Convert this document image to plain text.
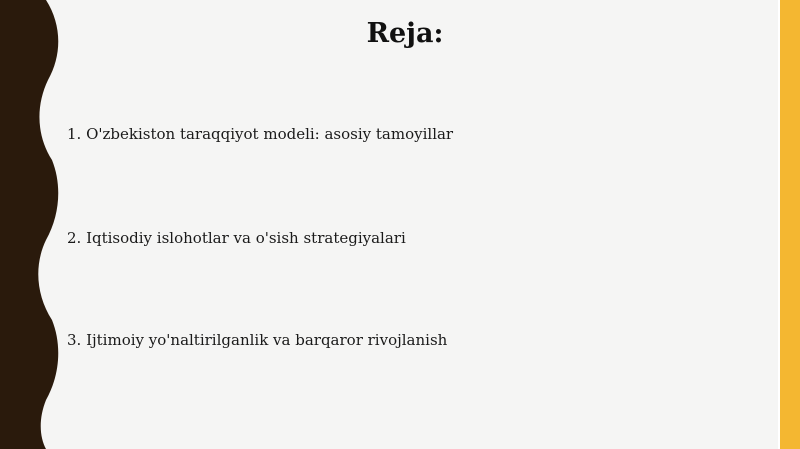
Reja:
1. O'zbekiston taraqqiyot modeli: asosiy tamoyillar
2. Iqtisodiy islohotlar va o'sish strategiyalari
3. Ijtimoiy yo'naltirilganlik va barqaror rivojlanish
